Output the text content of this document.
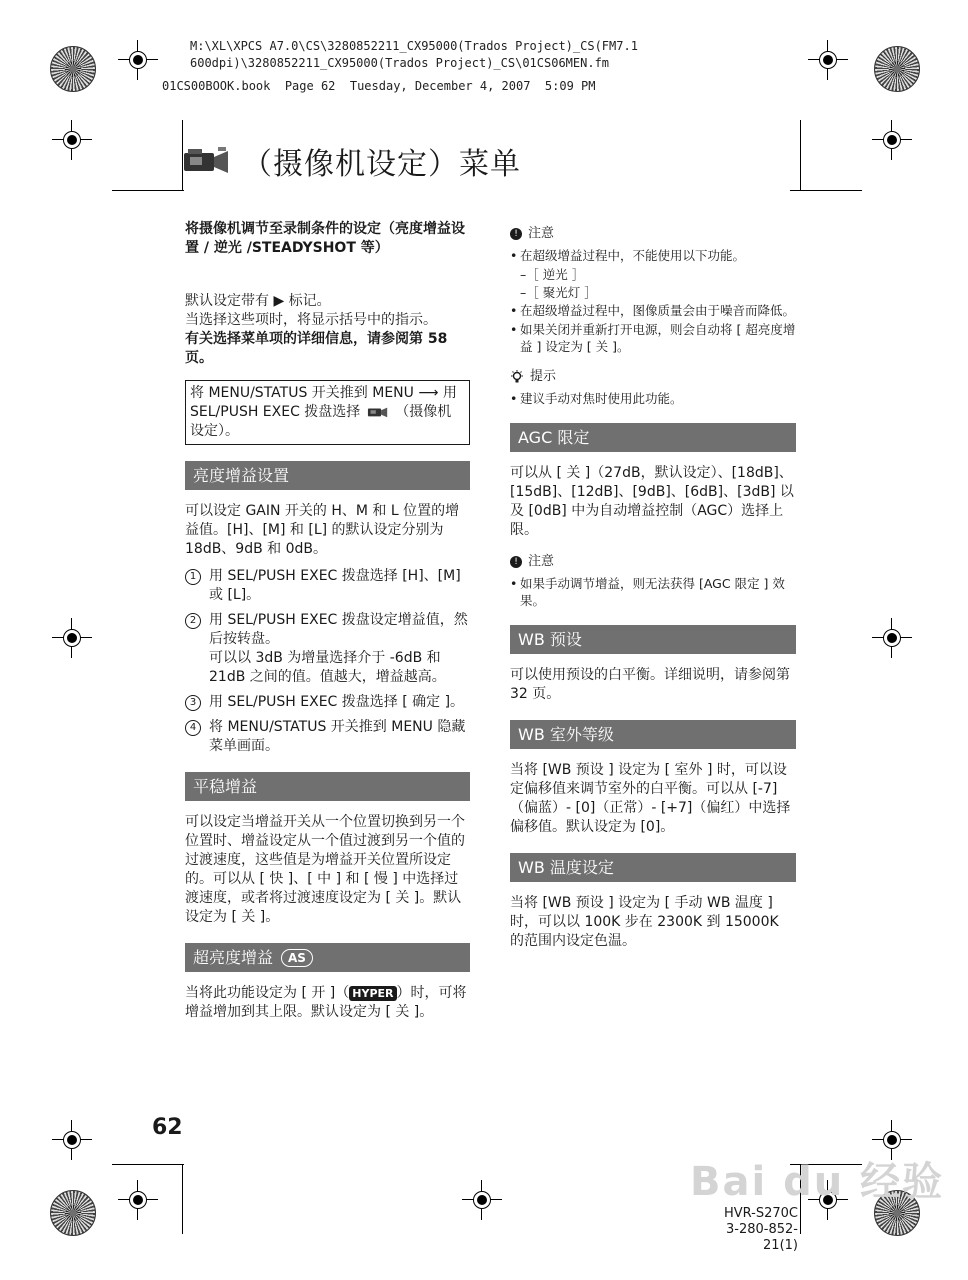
M:\XL\XPCS A7.0\CS\3280852211_CX95000(Trados Project)_CS(FM7.1
600dpi)\3280852211_CX95000(Trados Project)_CS\01CS06MEN.fm
01CS00BOOK.book  Page 62  Tuesday, December 4, 2007  5:09 PM
（摄像机设定）菜单

将摄像机调节至录制条件的设定（亮度增益设置 / 逆光 /STEADYSHOT 等）

默认设定带有 ▶ 标记。

当选择这些项时，将显示括号中的指示。

有关选择菜单项的详细信息，请参阅第 58 页。

将 MENU/STATUS 开关推到 MENU ⟶ 用 SEL/PUSH EXEC 拨盘选择 （摄像机设定）。
亮度增益设置

可以设定 GAIN 开关的 H、M 和 L 位置的增益值。[H]、[M] 和 [L] 的默认设定分别为 18dB、9dB 和 0dB。

1 用 SEL/PUSH EXEC 拨盘选择 [H]、[M] 或 [L]。
2 用 SEL/PUSH EXEC 拨盘设定增益值，然后按转盘。
可以以 3dB 为增量选择介于 -6dB 和 21dB 之间的值。值越大，增益越高。
3 用 SEL/PUSH EXEC 拨盘选择 [ 确定 ]。
4 将 MENU/STATUS 开关推到 MENU 隐藏菜单画面。
平稳增益

可以设定当增益开关从一个位置切换到另一个位置时、增益设定从一个值过渡到另一个值的过渡速度，这些值是为增益开关位置所设定的。可以从 [ 快 ]、[ 中 ] 和 [ 慢 ] 中选择过渡速度，或者将过渡速度设定为 [ 关 ]。默认设定为 [ 关 ]。

超亮度增益	AS

当将此功能设定为 [ 开 ]（ HYPER ）时，可将增益增加到其上限。默认设定为 [ 关 ]。

! 注意
• 在超级增益过程中，不能使用以下功能。
–［ 逆光 ］
–［ 聚光灯 ］
• 在超级增益过程中，图像质量会由于噪音而降低。
• 如果关闭并重新打开电源，则会自动将 [ 超亮度增益 ] 设定为 [ 关 ]。
提示
• 建议手动对焦时使用此功能。
AGC 限定

可以从 [ 关 ]（27dB，默认设定）、[18dB]、[15dB]、[12dB]、[9dB]、[6dB]、[3dB] 以及 [0dB] 中为自动增益控制（AGC）选择上限。

! 注意
• 如果手动调节增益，则无法获得 [AGC 限定 ] 效果。
WB 预设

可以使用预设的白平衡。详细说明，请参阅第 32 页。

WB 室外等级

当将 [WB 预设 ] 设定为 [ 室外 ] 时，可以设定偏移值来调节室外的白平衡。可以从 [-7]（偏蓝）- [0]（正常）- [+7]（偏红）中选择偏移值。默认设定为 [0]。

WB 温度设定

当将 [WB 预设 ] 设定为 [ 手动 WB 温度 ] 时，可以以 100K 步在 2300K 到 15000K 的范围内设定色温。

62
Bai du 经验
HVR-S270C
3-280-852-21(1)
